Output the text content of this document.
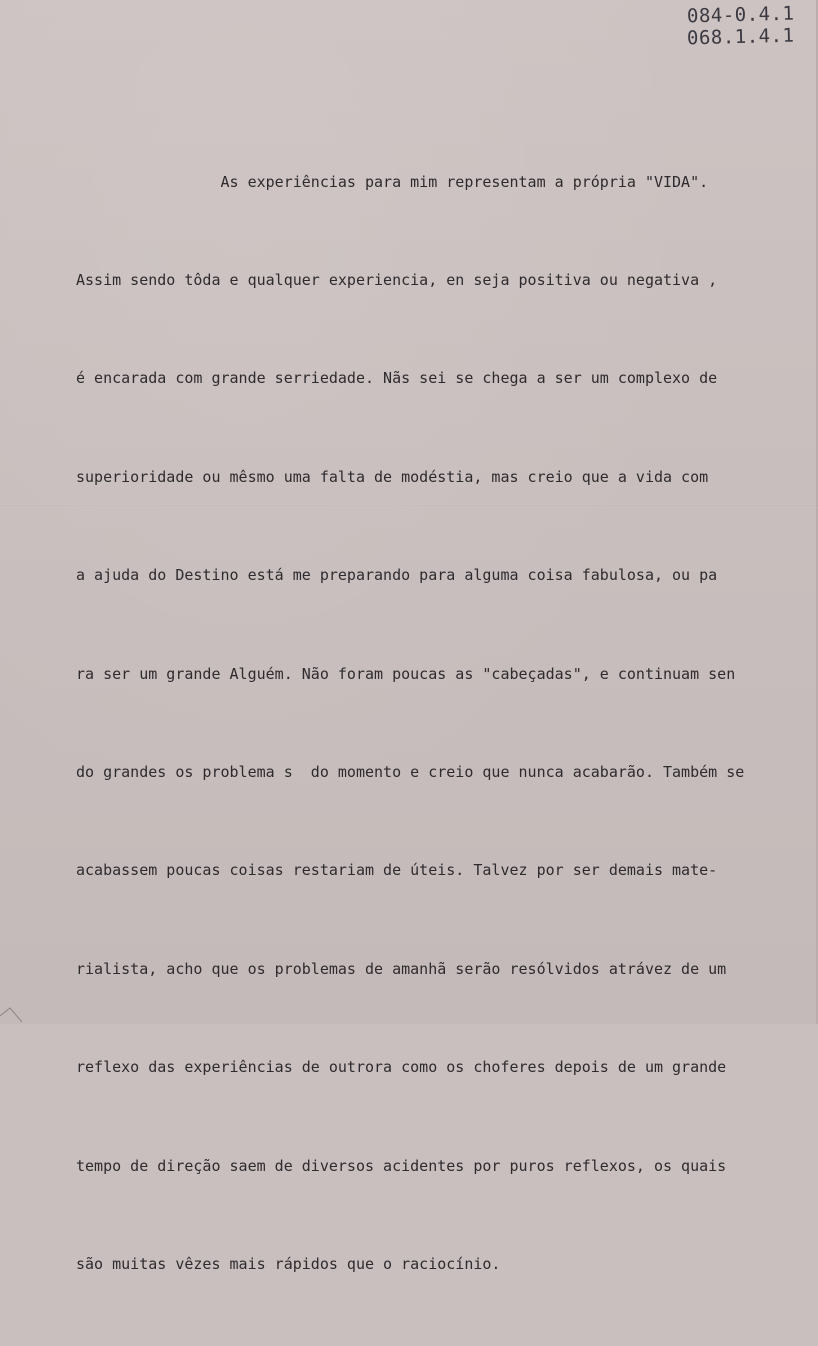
084-0.4.1
068.1.4.1

As experiências para mim representam a própria "VIDA".

Assim sendo tôda e qualquer experiencia, en seja positiva ou negativa ,

é encarada com grande serriedade. Nãs sei se chega a ser um complexo de

superioridade ou mêsmo uma falta de modéstia, mas creio que a vida com

a ajuda do Destino está me preparando para alguma coisa fabulosa, ou pa

ra ser um grande Alguém. Não foram poucas as "cabeçadas", e continuam sen

do grandes os problema s  do momento e creio que nunca acabarão. Também se

acabassem poucas coisas restariam de úteis. Talvez por ser demais mate-

rialista, acho que os problemas de amanhã serão resólvidos atrávez de um

reflexo das experiências de outrora como os choferes depois de um grande

tempo de direção saem de diversos acidentes por puros reflexos, os quais

são muitas vêzes mais rápidos que o raciocínio.
